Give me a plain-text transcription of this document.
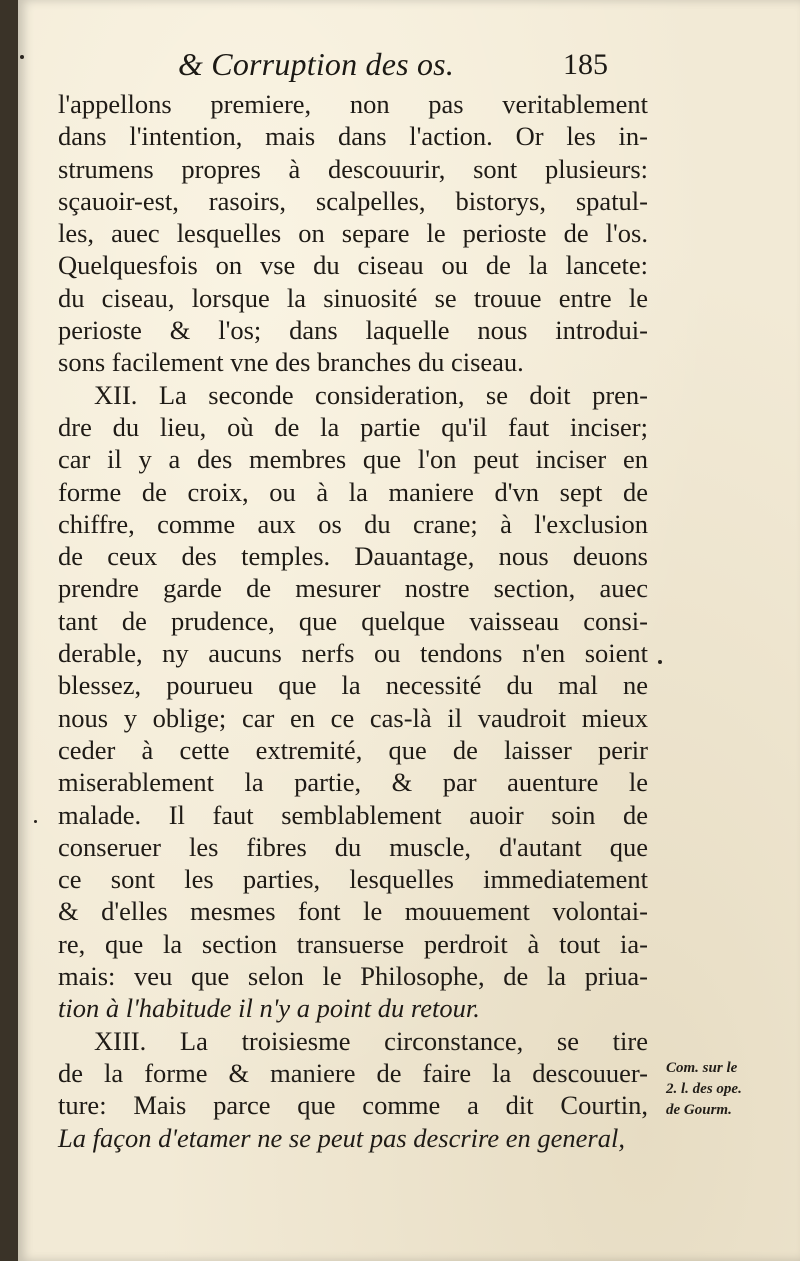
& Corruption des os.	185
l'appellons premiere, non pas veritablement
dans l'intention, mais dans l'action. Or les in-
strumens propres à descouurir, sont plusieurs:
sçauoir-est, rasoirs, scalpelles, bistorys, spatul-
les, auec lesquelles on separe le perioste de l'os.
Quelquesfois on vse du ciseau ou de la lancete:
du ciseau, lorsque la sinuosité se trouue entre le
perioste & l'os; dans laquelle nous introdui-
sons facilement vne des branches du ciseau.
XII. La seconde consideration, se doit pren-
dre du lieu, où de la partie qu'il faut inciser;
car il y a des membres que l'on peut inciser en
forme de croix, ou à la maniere d'vn sept de
chiffre, comme aux os du crane; à l'exclusion
de ceux des temples. Dauantage, nous deuons
prendre garde de mesurer nostre section, auec
tant de prudence, que quelque vaisseau consi-
derable, ny aucuns nerfs ou tendons n'en soient
blessez, pourueu que la necessité du mal ne
nous y oblige; car en ce cas-là il vaudroit mieux
ceder à cette extremité, que de laisser perir
miserablement la partie, & par auenture le
malade. Il faut semblablement auoir soin de
conseruer les fibres du muscle, d'autant que
ce sont les parties, lesquelles immediatement
& d'elles mesmes font le mouuement volontai-
re, que la section transuerse perdroit à tout ia-
mais: veu que selon le Philosophe, de la priua-
tion à l'habitude il n'y a point du retour.
XIII. La troisiesme circonstance, se tire
de la forme & maniere de faire la descouuer-
ture: Mais parce que comme a dit Courtin,
La façon d'etamer ne se peut pas descrire en general,
Com. sur le
2. l. des ope.
de Gourm.
